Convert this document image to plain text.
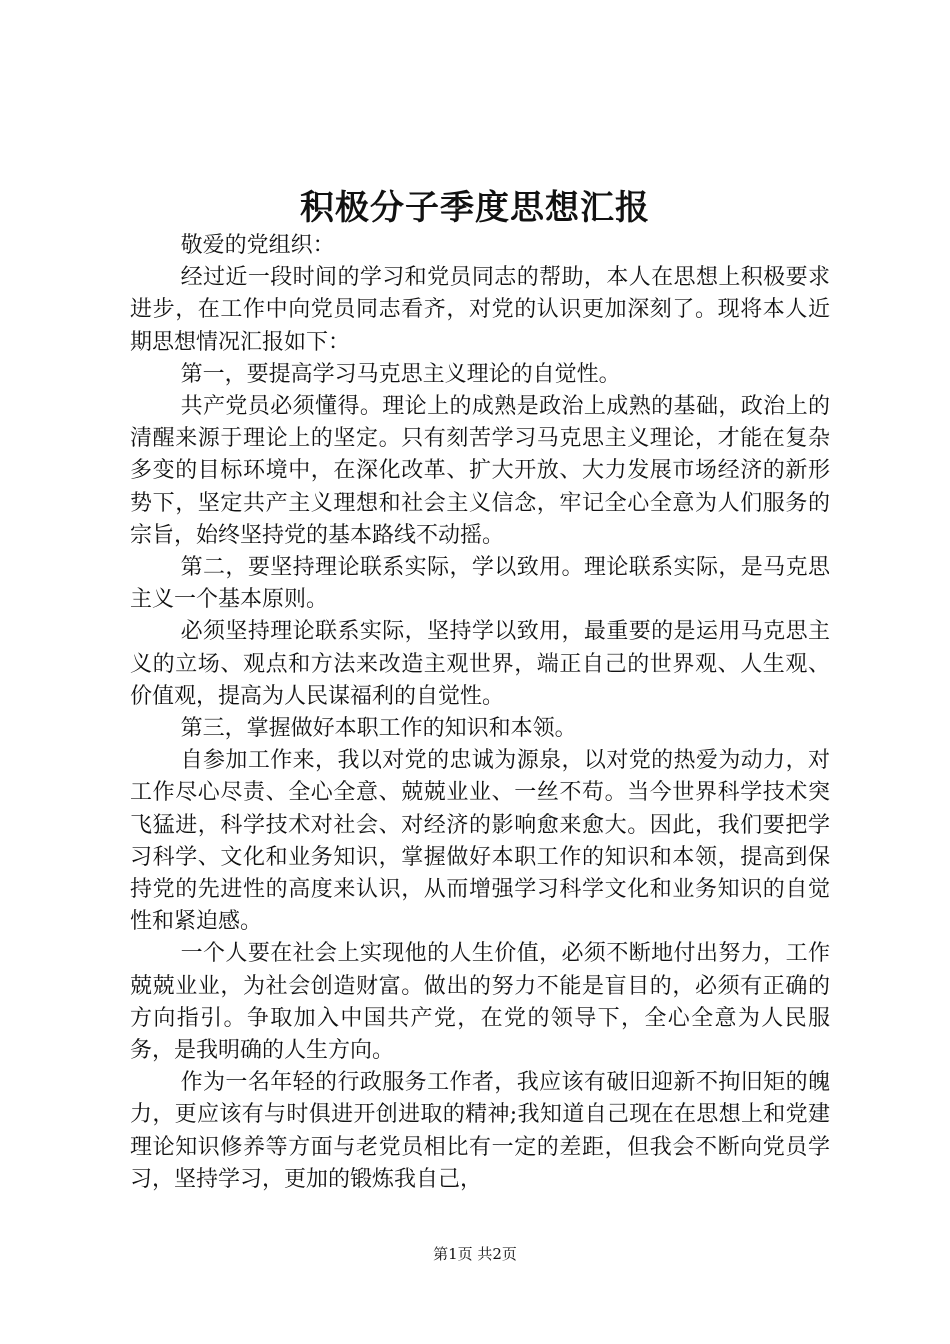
积极分子季度思想汇报

敬爱的党组织：

经过近一段时间的学习和党员同志的帮助，本人在思想上积极要求进步，在工作中向党员同志看齐，对党的认识更加深刻了。现将本人近期思想情况汇报如下：

第一，要提高学习马克思主义理论的自觉性。

共产党员必须懂得。理论上的成熟是政治上成熟的基础，政治上的清醒来源于理论上的坚定。只有刻苦学习马克思主义理论，才能在复杂多变的目标环境中，在深化改革、扩大开放、大力发展市场经济的新形势下，坚定共产主义理想和社会主义信念，牢记全心全意为人们服务的宗旨，始终坚持党的基本路线不动摇。

第二，要坚持理论联系实际，学以致用。理论联系实际，是马克思主义一个基本原则。

必须坚持理论联系实际，坚持学以致用，最重要的是运用马克思主义的立场、观点和方法来改造主观世界，端正自己的世界观、人生观、价值观，提高为人民谋福利的自觉性。

第三，掌握做好本职工作的知识和本领。

自参加工作来，我以对党的忠诚为源泉，以对党的热爱为动力，对工作尽心尽责、全心全意、兢兢业业、一丝不苟。当今世界科学技术突飞猛进，科学技术对社会、对经济的影响愈来愈大。因此，我们要把学习科学、文化和业务知识，掌握做好本职工作的知识和本领，提高到保持党的先进性的高度来认识，从而增强学习科学文化和业务知识的自觉性和紧迫感。

一个人要在社会上实现他的人生价值，必须不断地付出努力，工作兢兢业业，为社会创造财富。做出的努力不能是盲目的，必须有正确的方向指引。争取加入中国共产党，在党的领导下，全心全意为人民服务，是我明确的人生方向。

作为一名年轻的行政服务工作者，我应该有破旧迎新不拘旧矩的魄力，更应该有与时俱进开创进取的精神;我知道自己现在在思想上和党建理论知识修养等方面与老党员相比有一定的差距，但我会不断向党员学习，坚持学习，更加的锻炼我自己，

第1页 共2页
